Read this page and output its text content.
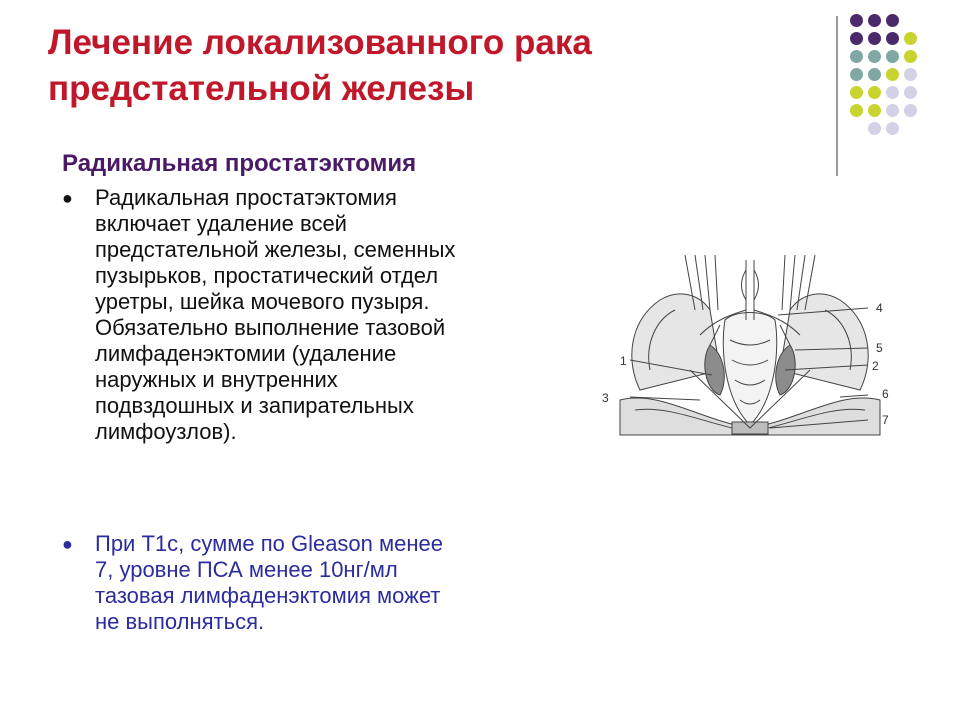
Лечение локализованного рака
предстательной железы
Радикальная простатэктомия
● Радикальная простатэктомия включает удаление всей предстательной железы, семенных пузырьков, простатический отдел уретры, шейка мочевого пузыря. Обязательно выполнение тазовой лимфаденэктомии (удаление наружных и внутренних подвздошных и запирательных лимфоузлов).
● При T1c, сумме по Gleason менее 7, уровне ПСА менее 10нг/мл тазовая лимфаденэктомия может не выполняться.
1	2
3
4
5
6
7
